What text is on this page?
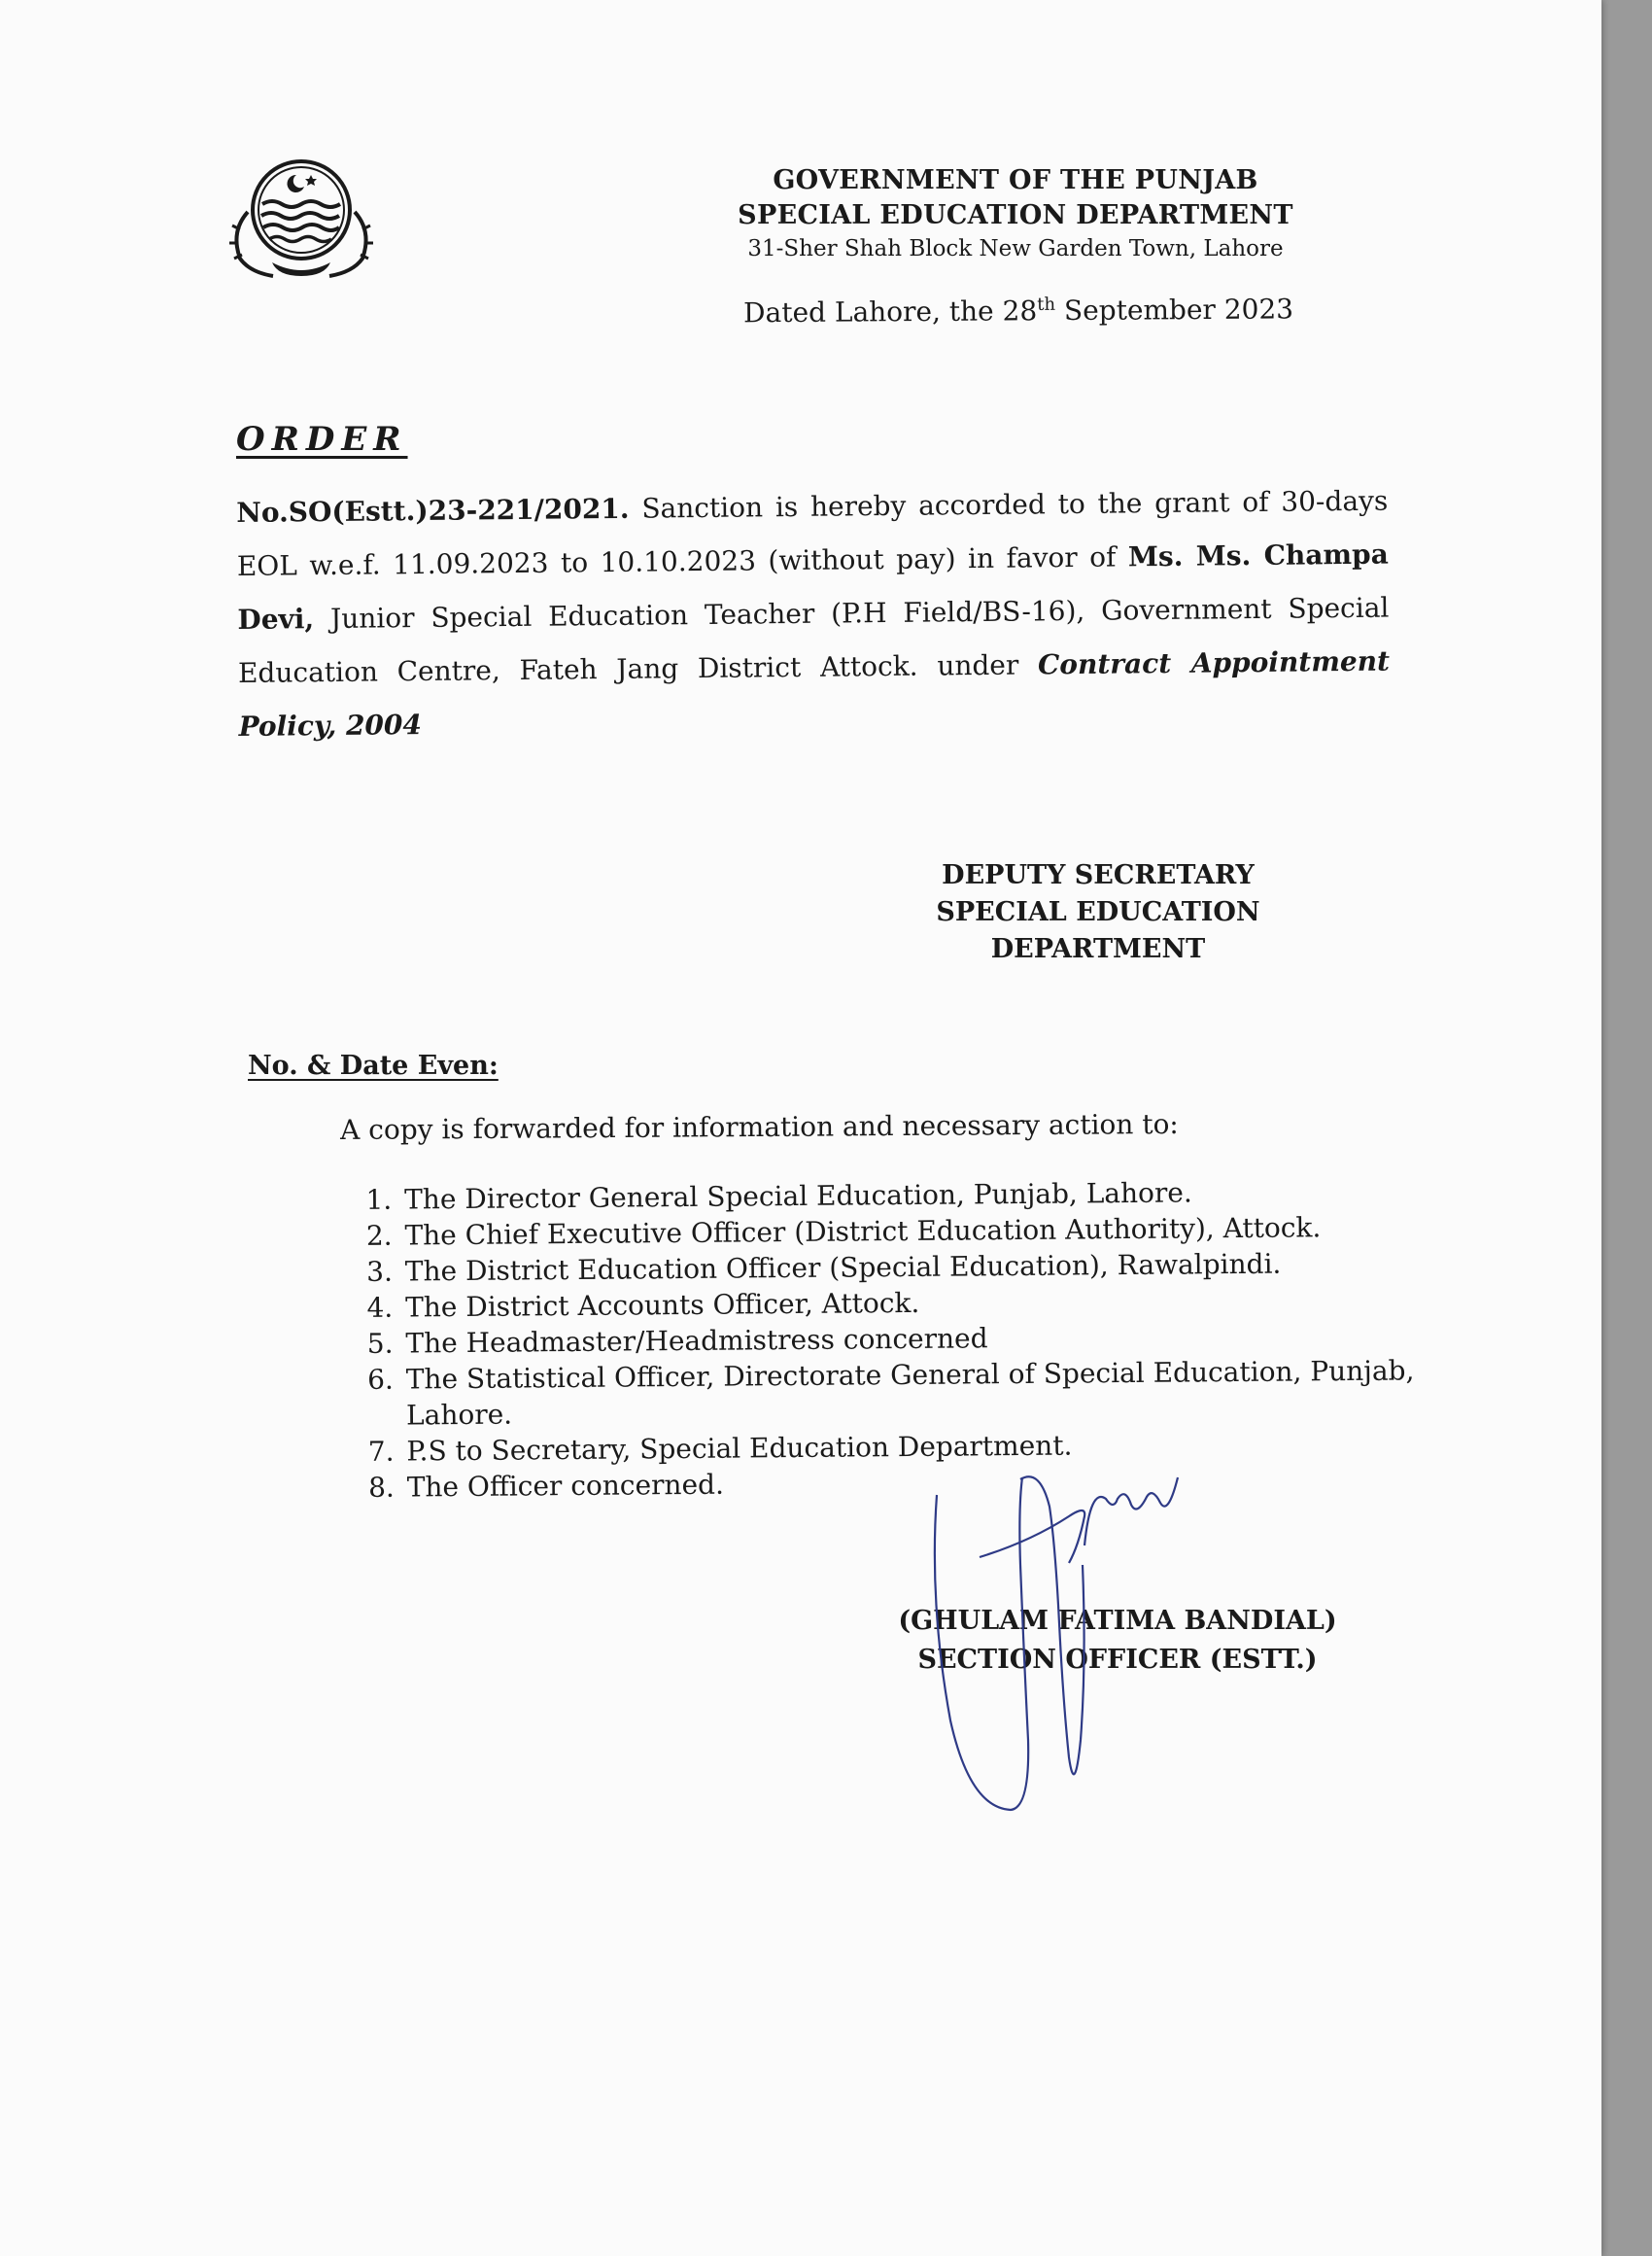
GOVERNMENT OF THE PUNJAB
SPECIAL EDUCATION DEPARTMENT
31-Sher Shah Block New Garden Town, Lahore
Dated Lahore, the 28th September 2023
ORDER
No.SO(Estt.)23-221/2021. Sanction is hereby accorded to the grant of 30-days EOL w.e.f. 11.09.2023 to 10.10.2023 (without pay) in favor of Ms. Ms. Champa Devi, Junior Special Education Teacher (P.H Field/BS-16), Government Special Education Centre, Fateh Jang District Attock. under Contract Appointment Policy, 2004
DEPUTY SECRETARY
SPECIAL EDUCATION
DEPARTMENT
No. & Date Even:
A copy is forwarded for information and necessary action to:
1. The Director General Special Education, Punjab, Lahore.
2. The Chief Executive Officer (District Education Authority), Attock.
3. The District Education Officer (Special Education), Rawalpindi.
4. The District Accounts Officer, Attock.
5. The Headmaster/Headmistress concerned
6. The Statistical Officer, Directorate General of Special Education, Punjab, Lahore.
7. P.S to Secretary, Special Education Department.
8. The Officer concerned.
(GHULAM FATIMA BANDIAL)
SECTION OFFICER (ESTT.)
